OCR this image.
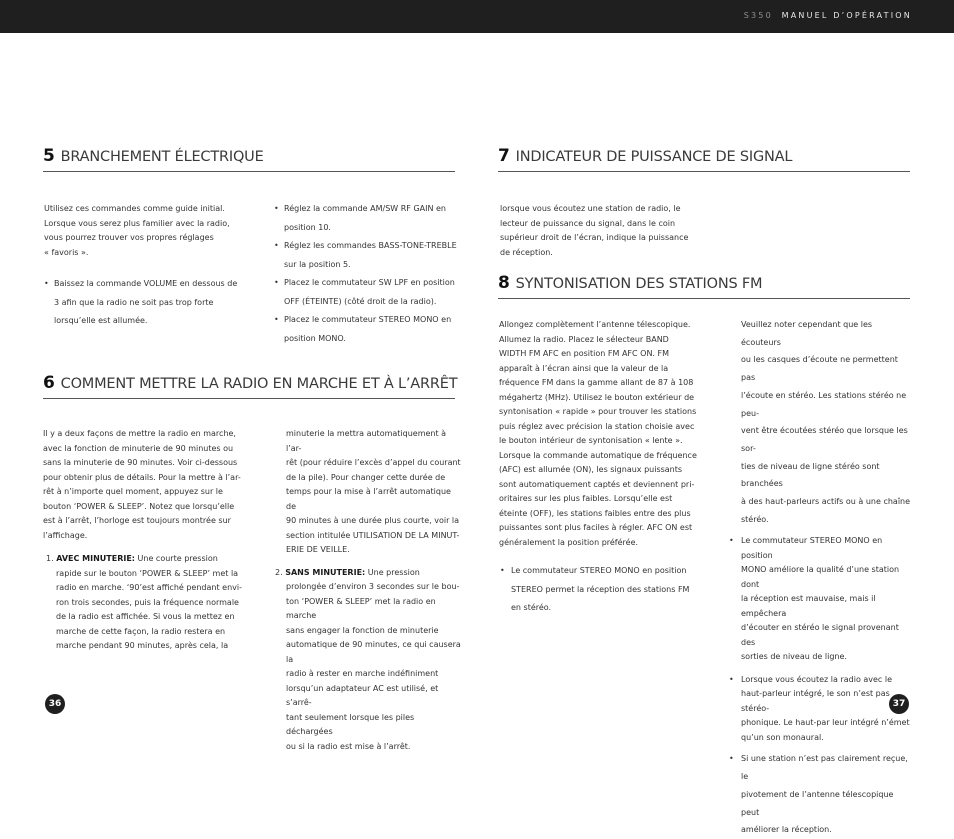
S350 MANUEL D’OPÉRATION
5 BRANCHEMENT ÉLECTRIQUE

Utilisez ces commandes comme guide initial.
Lorsque vous serez plus familier avec la radio,
vous pourrez trouver vos propres réglages
« favoris ».

• Baissez la commande VOLUME en dessous de
3 afin que la radio ne soit pas trop forte
lorsqu’elle est allumée.

• Réglez la commande AM/SW RF GAIN en
position 10.

• Réglez les commandes BASS-TONE-TREBLE
sur la position 5.

• Placez le commutateur SW LPF en position
OFF (ÉTEINTE) (côté droit de la radio).

• Placez le commutateur STEREO MONO en
position MONO.

6 COMMENT METTRE LA RADIO EN MARCHE ET À L’ARRÊT

Il y a deux façons de mettre la radio en marche,
avec la fonction de minuterie de 90 minutes ou
sans la minuterie de 90 minutes. Voir ci-dessous
pour obtenir plus de détails. Pour la mettre à l’ar-
rêt à n’importe quel moment, appuyez sur le
bouton ‘POWER & SLEEP’. Notez que lorsqu’elle
est à l’arrêt, l’horloge est toujours montrée sur
l’affichage.

1. AVEC MINUTERIE: Une courte pression

rapide sur le bouton ‘POWER & SLEEP’ met la
radio en marche. ‘90’est affiché pendant envi-
ron trois secondes, puis la fréquence normale
de la radio est affichée. Si vous la mettez en
marche de cette façon, la radio restera en
marche pendant 90 minutes, après cela, la

minuterie la mettra automatiquement à l’ar-
rêt (pour réduire l’excès d’appel du courant
de la pile). Pour changer cette durée de
temps pour la mise à l’arrêt automatique de
90 minutes à une durée plus courte, voir la
section intitulée UTILISATION DE LA MINUT-
ERIE DE VEILLE.

2. SANS MINUTERIE: Une pression

prolongée d’environ 3 secondes sur le bou-
ton ‘POWER & SLEEP’ met la radio en marche
sans engager la fonction de minuterie
automatique de 90 minutes, ce qui causera la
radio à rester en marche indéfiniment
lorsqu’un adaptateur AC est utilisé, et s’arrê-
tant seulement lorsque les piles déchargées
ou si la radio est mise à l’arrêt.

7 INDICATEUR DE PUISSANCE DE SIGNAL

lorsque vous écoutez une station de radio, le
lecteur de puissance du signal, dans le coin
supérieur droit de l’écran, indique la puissance
de réception.

8 SYNTONISATION DES STATIONS FM

Allongez complètement l’antenne télescopique.
Allumez la radio. Placez le sélecteur BAND
WIDTH FM AFC en position FM AFC ON. FM
apparaît à l’écran ainsi que la valeur de la
fréquence FM dans la gamme allant de 87 à 108
mégahertz (MHz). Utilisez le bouton extérieur de
syntonisation « rapide » pour trouver les stations
puis réglez avec précision la station choisie avec
le bouton intérieur de syntonisation « lente ».
Lorsque la commande automatique de fréquence
(AFC) est allumée (ON), les signaux puissants
sont automatiquement captés et deviennent pri-
oritaires sur les plus faibles. Lorsqu’elle est
éteinte (OFF), les stations faibles entre des plus
puissantes sont plus faciles à régler. AFC ON est
généralement la position préférée.

• Le commutateur STEREO MONO en position
STEREO permet la réception des stations FM
en stéréo.

Veuillez noter cependant que les écouteurs
ou les casques d’écoute ne permettent pas
l’écoute en stéréo. Les stations stéréo ne peu-
vent être écoutées stéréo que lorsque les sor-
ties de niveau de ligne stéréo sont branchées
à des haut-parleurs actifs ou à une chaîne
stéréo.

• Le commutateur STEREO MONO en position
MONO améliore la qualité d’une station dont
la réception est mauvaise, mais il empêchera
d’écouter en stéréo le signal provenant des
sorties de niveau de ligne.

• Lorsque vous écoutez la radio avec le
haut-parleur intégré, le son n’est pas stéréo-
phonique. Le haut-par leur intégré n’émet
qu’un son monaural.

• Si une station n’est pas clairement reçue, le
pivotement de l’antenne télescopique peut
améliorer la réception.

36	37
